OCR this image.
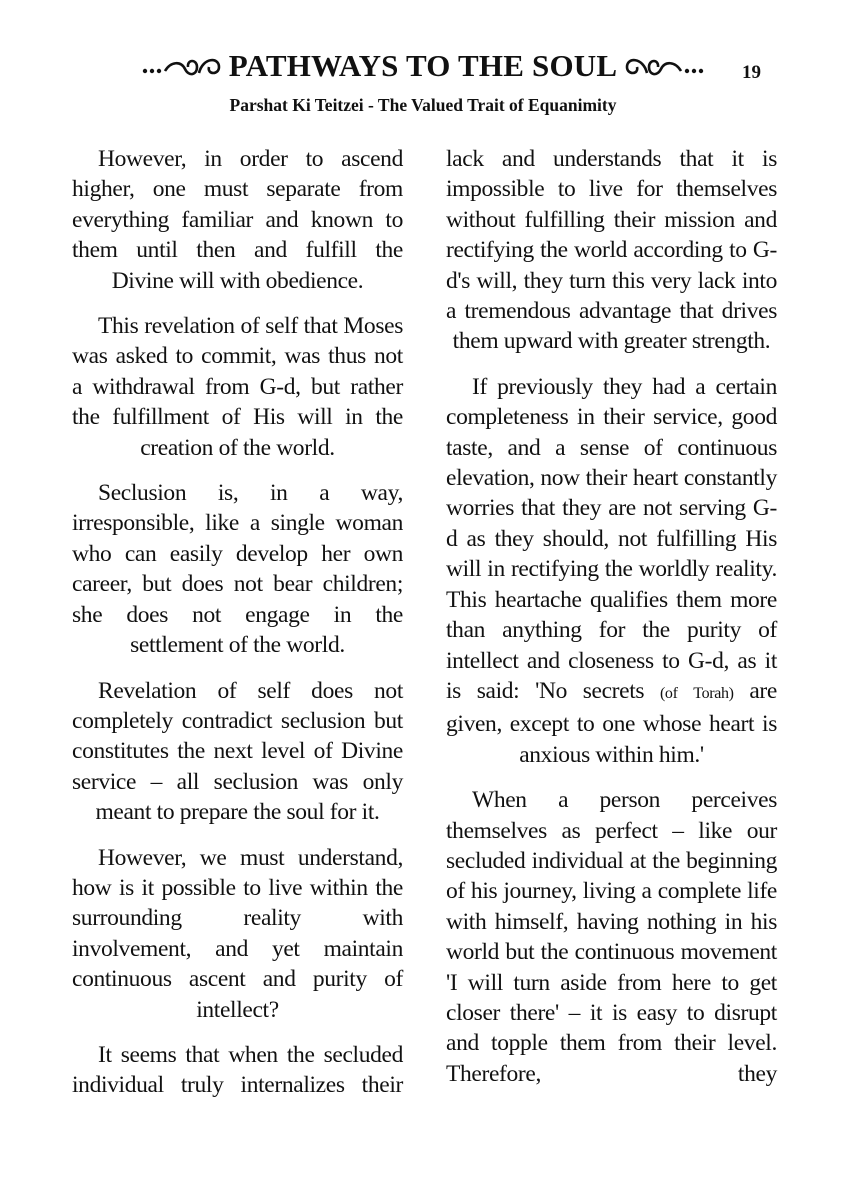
PATHWAYS TO THE SOUL	19
Parshat Ki Teitzei - The Valued Trait of Equanimity

However, in order to ascend higher, one must separate from everything familiar and known to them until then and fulfill the Divine will with obedience.

This revelation of self that Moses was asked to commit, was thus not a withdrawal from G-d, but rather the fulfillment of His will in the creation of the world.

Seclusion is, in a way, irresponsible, like a single woman who can easily develop her own career, but does not bear children; she does not engage in the settlement of the world.

Revelation of self does not completely contradict seclusion but constitutes the next level of Divine service – all seclusion was only meant to prepare the soul for it.

However, we must understand, how is it possible to live within the surrounding reality with involvement, and yet maintain continuous ascent and purity of intellect?

It seems that when the secluded individual truly internalizes their

lack and understands that it is impossible to live for themselves without fulfilling their mission and rectifying the world according to G-d's will, they turn this very lack into a tremendous advantage that drives them upward with greater strength.

If previously they had a certain completeness in their service, good taste, and a sense of continuous elevation, now their heart constantly worries that they are not serving G-d as they should, not fulfilling His will in rectifying the worldly reality. This heartache qualifies them more than anything for the purity of intellect and closeness to G-d, as it is said: 'No secrets (of Torah) are given, except to one whose heart is anxious within him.'

When a person perceives themselves as perfect – like our secluded individual at the beginning of his journey, living a complete life with himself, having nothing in his world but the continuous movement 'I will turn aside from here to get closer there' – it is easy to disrupt and topple them from their level. Therefore, they
